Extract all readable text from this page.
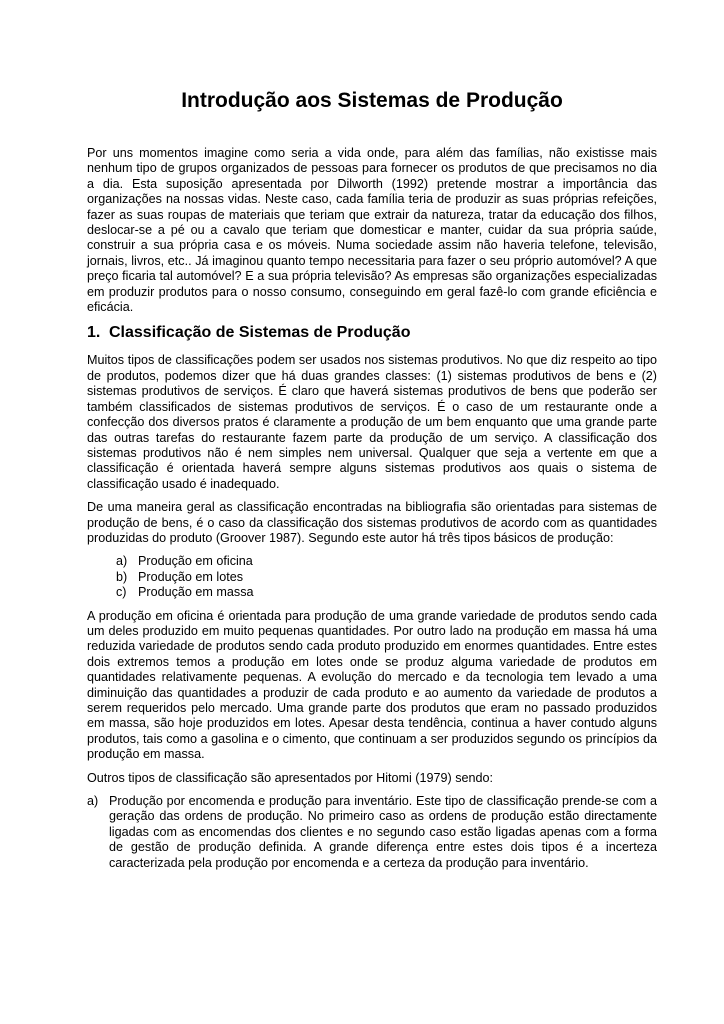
Introdução aos Sistemas de Produção

Por uns momentos imagine como seria a vida onde, para além das famílias, não existisse mais nenhum tipo de grupos organizados de pessoas para fornecer os produtos de que precisamos no dia a dia. Esta suposição apresentada por Dilworth (1992) pretende mostrar a importância das organizações na nossas vidas. Neste caso, cada família teria de produzir as suas próprias refeições, fazer as suas roupas de materiais que teriam que extrair da natureza, tratar da educação dos filhos, deslocar-se a pé ou a cavalo que teriam que domesticar e manter, cuidar da sua própria saúde, construir a sua própria casa e os móveis. Numa sociedade assim não haveria telefone, televisão, jornais, livros, etc.. Já imaginou quanto tempo necessitaria para fazer o seu próprio automóvel? A que preço ficaria tal automóvel? E a sua própria televisão? As empresas são organizações especializadas em produzir produtos para o nosso consumo, conseguindo em geral fazê-lo com grande eficiência e eficácia.

1. Classificação de Sistemas de Produção

Muitos tipos de classificações podem ser usados nos sistemas produtivos. No que diz respeito ao tipo de produtos, podemos dizer que há duas grandes classes: (1) sistemas produtivos de bens e (2) sistemas produtivos de serviços. É claro que haverá sistemas produtivos de bens que poderão ser também classificados de sistemas produtivos de serviços. É o caso de um restaurante onde a confecção dos diversos pratos é claramente a produção de um bem enquanto que uma grande parte das outras tarefas do restaurante fazem parte da produção de um serviço. A classificação dos sistemas produtivos não é nem simples nem universal. Qualquer que seja a vertente em que a classificação é orientada haverá sempre alguns sistemas produtivos aos quais o sistema de classificação usado é inadequado.

De uma maneira geral as classificação encontradas na bibliografia são orientadas para sistemas de produção de bens, é o caso da classificação dos sistemas produtivos de acordo com as quantidades produzidas do produto (Groover 1987). Segundo este autor há três tipos básicos de produção:

a) Produção em oficina
b) Produção em lotes
c) Produção em massa

A produção em oficina é orientada para produção de uma grande variedade de produtos sendo cada um deles produzido em muito pequenas quantidades. Por outro lado na produção em massa há uma reduzida variedade de produtos sendo cada produto produzido em enormes quantidades. Entre estes dois extremos temos a produção em lotes onde se produz alguma variedade de produtos em quantidades relativamente pequenas. A evolução do mercado e da tecnologia tem levado a uma diminuição das quantidades a produzir de cada produto e ao aumento da variedade de produtos a serem requeridos pelo mercado. Uma grande parte dos produtos que eram no passado produzidos em massa, são hoje produzidos em lotes. Apesar desta tendência, continua a haver contudo alguns produtos, tais como a gasolina e o cimento, que continuam a ser produzidos segundo os princípios da produção em massa.

Outros tipos de classificação são apresentados por Hitomi (1979) sendo:

a) Produção por encomenda e produção para inventário. Este tipo de classificação prende-se com a geração das ordens de produção. No primeiro caso as ordens de produção estão directamente ligadas com as encomendas dos clientes e no segundo caso estão ligadas apenas com a forma de gestão de produção definida. A grande diferença entre estes dois tipos é a incerteza caracterizada pela produção por encomenda e a certeza da produção para inventário.
